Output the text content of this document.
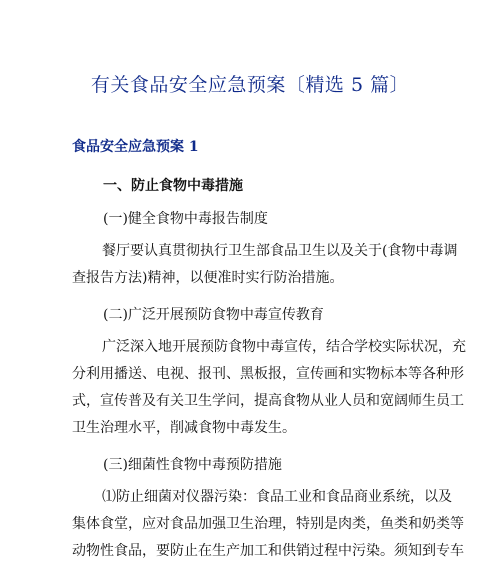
有关食品安全应急预案〔精选 5 篇〕
食品安全应急预案 1
一、防止食物中毒措施
(一)健全食物中毒报告制度
餐厅要认真贯彻执行卫生部食品卫生以及关于(食物中毒调
查报告方法)精神，以便准时实行防治措施。
(二)广泛开展预防食物中毒宣传教育
广泛深入地开展预防食物中毒宣传，结合学校实际状况，充
分利用播送、电视、报刊、黑板报，宣传画和实物标本等各种形
式，宣传普及有关卫生学问，提高食物从业人员和宽阔师生员工
卫生治理水平，削减食物中毒发生。
(三)细菌性食物中毒预防措施
⑴防止细菌对仪器污染：食品工业和食品商业系统，以及
集体食堂，应对食品加强卫生治理，特别是肉类，鱼类和奶类等
动物性食品，要防止在生产加工和供销过程中污染。须知到专车
